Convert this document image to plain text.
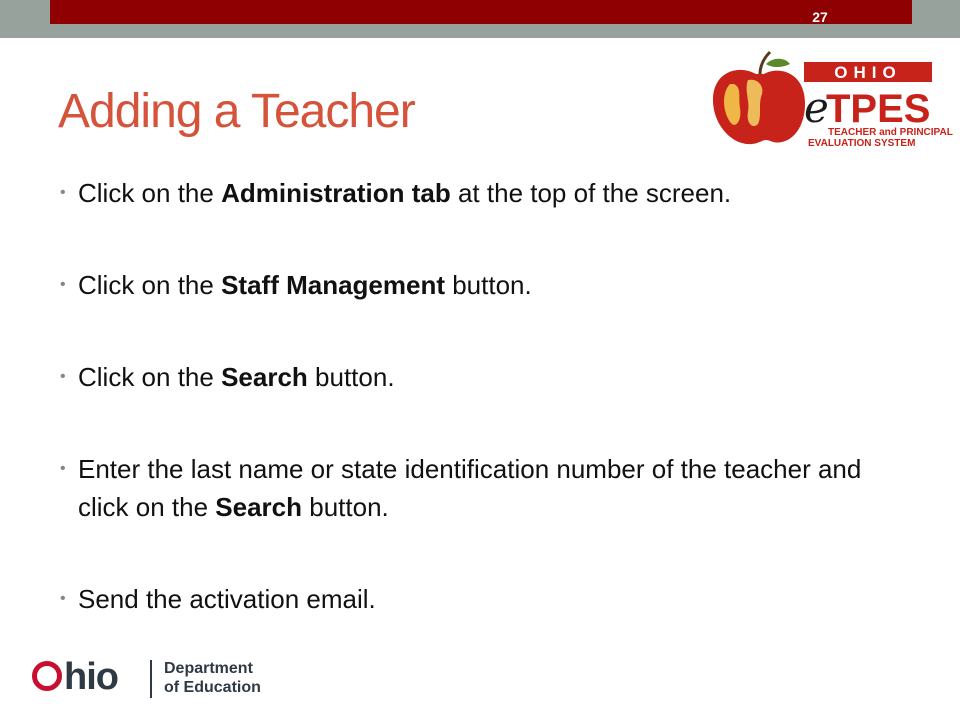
27
Adding a Teacher
OHIO
e
TPES
TEACHER and PRINCIPAL
EVALUATION SYSTEM
• Click on the Administration tab at the top of the screen.
• Click on the Staff Management button.
• Click on the Search button.
• Enter the last name or state identification number of the teacher and click on the Search button.
• Send the activation email.
hio	Department
of Education
